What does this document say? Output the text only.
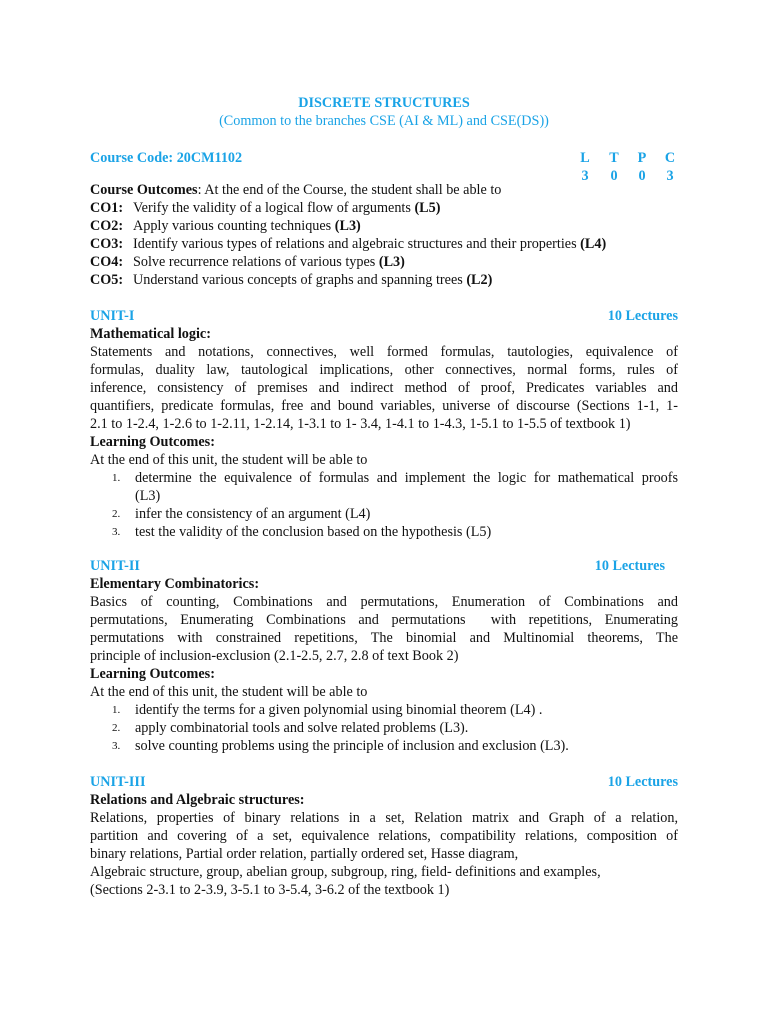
DISCRETE STRUCTURES
(Common to the branches CSE (AI & ML) and CSE(DS))
Course Code: 20CM1102	L T P C
3	0	0	3
Course Outcomes: At the end of the Course, the student shall be able to
CO1: Verify the validity of a logical flow of arguments (L5)
CO2: Apply various counting techniques (L3)
CO3: Identify various types of relations and algebraic structures and their properties (L4)
CO4: Solve recurrence relations of various types (L3)
CO5: Understand various concepts of graphs and spanning trees (L2)
UNIT-I	10 Lectures
Mathematical logic:
Statements and notations, connectives, well formed formulas, tautologies, equivalence of
formulas, duality law, tautological implications, other connectives, normal forms, rules of
inference, consistency of premises and indirect method of proof, Predicates variables and
quantifiers, predicate formulas, free and bound variables, universe of discourse (Sections 1-1, 1-
2.1 to 1-2.4, 1-2.6 to 1-2.11, 1-2.14, 1-3.1 to 1- 3.4, 1-4.1 to 1-4.3, 1-5.1 to 1-5.5 of textbook 1)
Learning Outcomes:
At the end of this unit, the student will be able to
1. determine the equivalence of formulas and implement the logic for mathematical proofs
(L3)
2. infer the consistency of an argument (L4)
3. test the validity of the conclusion based on the hypothesis (L5)
UNIT-II	10 Lectures
Elementary Combinatorics:
Basics of counting, Combinations and permutations, Enumeration of Combinations and
permutations, Enumerating Combinations and permutations  with repetitions, Enumerating
permutations with constrained repetitions, The binomial and Multinomial theorems, The
principle of inclusion-exclusion (2.1-2.5, 2.7, 2.8 of text Book 2)
Learning Outcomes:
At the end of this unit, the student will be able to
1. identify the terms for a given polynomial using binomial theorem (L4) .
2. apply combinatorial tools and solve related problems (L3).
3. solve counting problems using the principle of inclusion and exclusion (L3).
UNIT-III	10 Lectures
Relations and Algebraic structures:
Relations, properties of binary relations in a set, Relation matrix and Graph of a relation,
partition and covering of a set, equivalence relations, compatibility relations, composition of
binary relations, Partial order relation, partially ordered set, Hasse diagram,
Algebraic structure, group, abelian group, subgroup, ring, field- definitions and examples,
(Sections 2-3.1 to 2-3.9, 3-5.1 to 3-5.4, 3-6.2 of the textbook 1)
